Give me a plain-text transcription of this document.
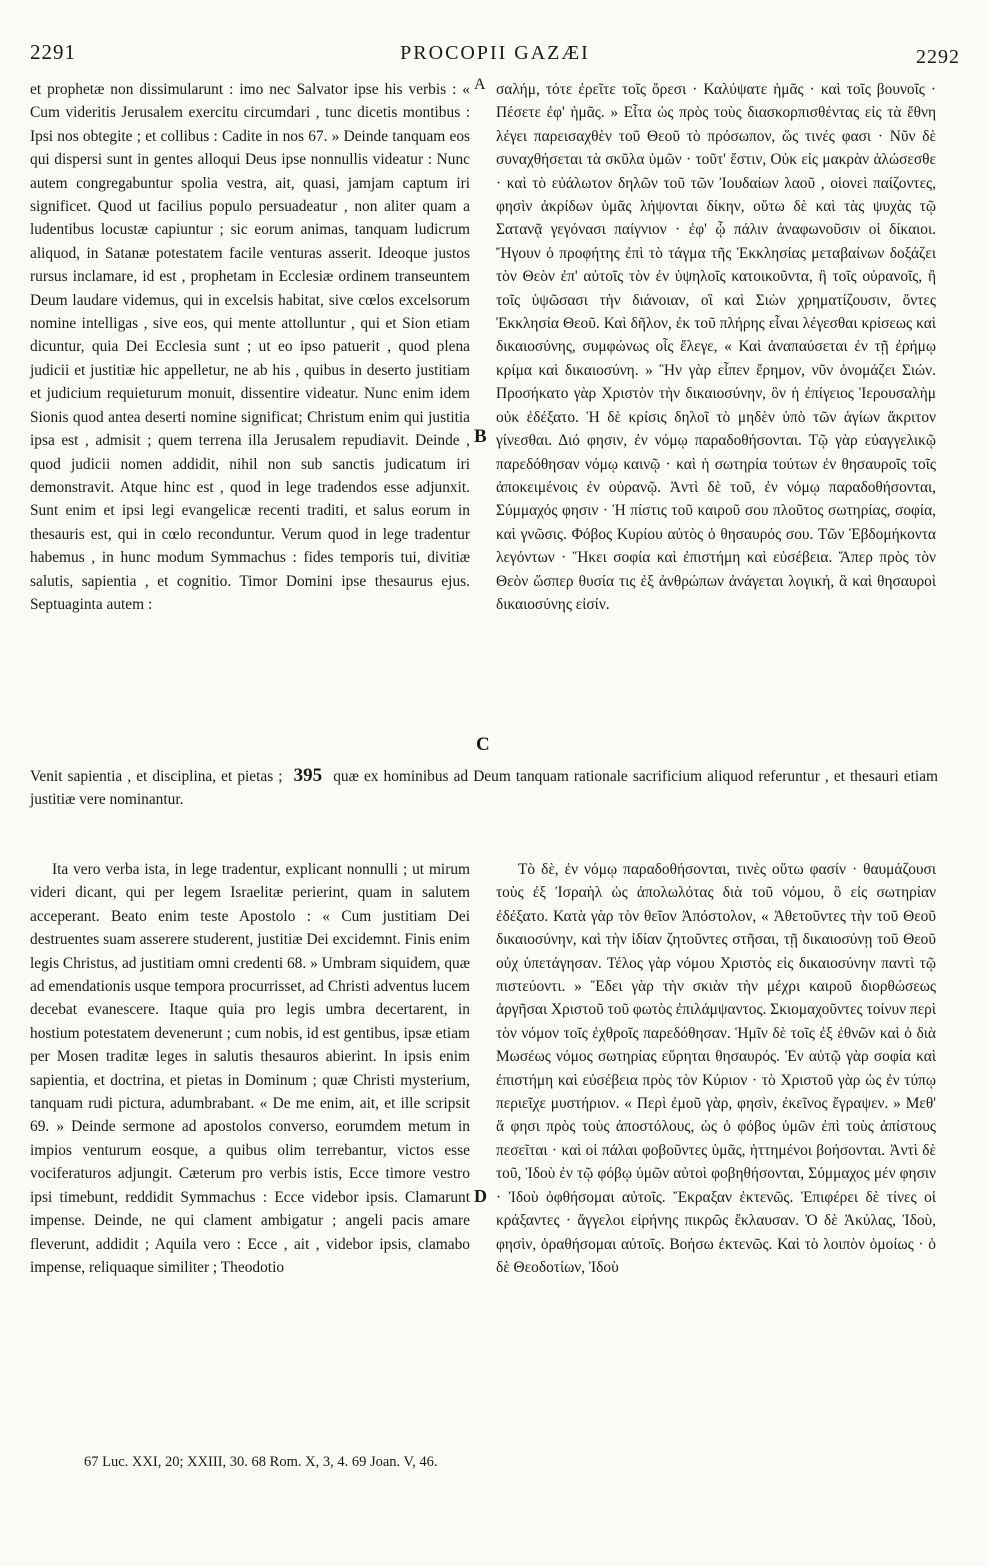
2291	PROCOPII GAZÆI	2292
A
B
C
D

et prophetæ non dissimularunt : imo nec Salvator ipse his verbis : « Cum videritis Jerusalem exercitu circumdari , tunc dicetis montibus : Ipsi nos obtegite ; et collibus : Cadite in nos 67. » Deinde tanquam eos qui dispersi sunt in gentes alloqui Deus ipse nonnullis videatur : Nunc autem congregabuntur spolia vestra, ait, quasi, jamjam captum iri significet. Quod ut facilius populo persuadeatur , non aliter quam a ludentibus locustæ capiuntur ; sic eorum animas, tanquam ludicrum aliquod, in Satanæ potestatem facile venturas asserit. Ideoque justos rursus inclamare, id est , prophetam in Ecclesiæ ordinem transeuntem Deum laudare videmus, qui in excelsis habitat, sive cœlos excelsorum nomine intelligas , sive eos, qui mente attolluntur , qui et Sion etiam dicuntur, quia Dei Ecclesia sunt ; ut eo ipso patuerit , quod plena judicii et justitiæ hic appelletur, ne ab his , quibus in deserto justitiam et judicium requieturum monuit, dissentire videatur. Nunc enim idem Sionis quod antea deserti nomine significat; Christum enim qui justitia ipsa est , admisit ; quem terrena illa Jerusalem repudiavit. Deinde , quod judicii nomen addidit, nihil non sub sanctis judicatum iri demonstravit. Atque hinc est , quod in lege tradendos esse adjunxit. Sunt enim et ipsi legi evangelicæ recenti traditi, et salus eorum in thesauris est, qui in cœlo reconduntur. Verum quod in lege tradentur habemus , in hunc modum Symmachus : fides temporis tui, divitiæ salutis, sapientia , et cognitio. Timor Domini ipse thesaurus ejus. Septuaginta autem :

σαλήμ, τότε ἐρεῖτε τοῖς ὄρεσι · Καλύψατε ἡμᾶς · καὶ τοῖς βουνοῖς · Πέσετε ἐφ' ἡμᾶς. » Εἶτα ὡς πρὸς τοὺς διασκορπισθέντας εἰς τὰ ἔθνη λέγει παρεισαχθὲν τοῦ Θεοῦ τὸ πρόσωπον, ὥς τινές φασι · Νῦν δὲ συναχθήσεται τὰ σκῦλα ὑμῶν · τοῦτ' ἔστιν, Οὐκ εἰς μακρὰν ἁλώσεσθε · καὶ τὸ εὐάλωτον δηλῶν τοῦ τῶν Ἰουδαίων λαοῦ , οἱονεὶ παίζοντες, φησὶν ἀκρίδων ὑμᾶς λήψονται δίκην, οὕτω δὲ καὶ τὰς ψυχὰς τῷ Σατανᾷ γεγόνασι παίγνιον · ἐφ' ᾧ πάλιν ἀναφωνοῦσιν οἱ δίκαιοι. Ἤγουν ὁ προφήτης ἐπὶ τὸ τάγμα τῆς Ἐκκλησίας μεταβαίνων δοξάζει τὸν Θεὸν ἐπ' αὐτοῖς τὸν ἐν ὑψηλοῖς κατοικοῦντα, ἢ τοῖς οὐρανοῖς, ἢ τοῖς ὑψῶσασι τὴν διάνοιαν, οἳ καὶ Σιὼν χρηματίζουσιν, ὄντες Ἐκκλησία Θεοῦ. Καὶ δῆλον, ἐκ τοῦ πλήρης εἶναι λέγεσθαι κρίσεως καὶ δικαιοσύνης, συμφώνως οἷς ἔλεγε, « Καὶ ἀναπαύσεται ἐν τῇ ἐρήμῳ κρίμα καὶ δικαιοσύνη. » Ἣν γὰρ εἶπεν ἔρημον, νῦν ὀνομάζει Σιών. Προσήκατο γὰρ Χριστὸν τὴν δικαιοσύνην, ὃν ἡ ἐπίγειος Ἱερουσαλὴμ οὐκ ἐδέξατο. Ἡ δὲ κρίσις δηλοῖ τὸ μηδὲν ὑπὸ τῶν ἁγίων ἄκριτον γίνεσθαι. Διό φησιν, ἐν νόμῳ παραδοθήσονται. Τῷ γὰρ εὐαγγελικῷ παρεδόθησαν νόμῳ καινῷ · καὶ ἡ σωτηρία τούτων ἐν θησαυροῖς τοῖς ἀποκειμένοις ἐν οὐρανῷ. Ἀντὶ δὲ τοῦ, ἐν νόμῳ παραδοθήσονται, Σύμμαχός φησιν · Ἡ πίστις τοῦ καιροῦ σου πλοῦτος σωτηρίας, σοφία, καὶ γνῶσις. Φόβος Κυρίου αὐτὸς ὁ θησαυρός σου. Τῶν Ἑβδομήκοντα λεγόντων · Ἥκει σοφία καὶ ἐπιστήμη καὶ εὐσέβεια. Ἅπερ πρὸς τὸν Θεὸν ὥσπερ θυσία τις ἐξ ἀνθρώπων ἀνάγεται λογική, ἃ καὶ θησαυροὶ δικαιοσύνης εἰσίν.

Venit sapientia , et disciplina, et pietas ; 395 quæ ex hominibus ad Deum tanquam rationale sacrificium aliquod referuntur , et thesauri etiam justitiæ vere nominantur.

Ita vero verba ista, in lege tradentur, explicant nonnulli ; ut mirum videri dicant, qui per legem Israelitæ perierint, quam in salutem acceperant. Beato enim teste Apostolo : « Cum justitiam Dei destruentes suam asserere studerent, justitiæ Dei excidemnt. Finis enim legis Christus, ad justitiam omni credenti 68. » Umbram siquidem, quæ ad emendationis usque tempora procurrisset, ad Christi adventus lucem decebat evanescere. Itaque quia pro legis umbra decertarent, in hostium potestatem devenerunt ; cum nobis, id est gentibus, ipsæ etiam per Mosen traditæ leges in salutis thesauros abierint. In ipsis enim sapientia, et doctrina, et pietas in Dominum ; quæ Christi mysterium, tanquam rudi pictura, adumbrabant. « De me enim, ait, et ille scripsit 69. » Deinde sermone ad apostolos converso, eorumdem metum in impios venturum eosque, a quibus olim terrebantur, victos esse vociferaturos adjungit. Cæterum pro verbis istis, Ecce timore vestro ipsi timebunt, reddidit Symmachus : Ecce videbor ipsis. Clamarunt impense. Deinde, ne qui clament ambigatur ; angeli pacis amare fleverunt, addidit ; Aquila vero : Ecce , ait , videbor ipsis, clamabo impense, reliquaque similiter ; Theodotio

Τὸ δὲ, ἐν νόμῳ παραδοθήσονται, τινὲς οὕτω φασίν · θαυμάζουσι τοὺς ἐξ Ἰσραὴλ ὡς ἀπολωλότας διὰ τοῦ νόμου, ὃ εἰς σωτηρίαν ἐδέξατο. Κατὰ γὰρ τὸν θεῖον Ἀπόστολον, « Ἀθετοῦντες τὴν τοῦ Θεοῦ δικαιοσύνην, καὶ τὴν ἰδίαν ζητοῦντες στῆσαι, τῇ δικαιοσύνῃ τοῦ Θεοῦ οὐχ ὑπετάγησαν. Τέλος γὰρ νόμου Χριστὸς εἰς δικαιοσύνην παντὶ τῷ πιστεύοντι. » Ἔδει γὰρ τὴν σκιὰν τὴν μέχρι καιροῦ διορθώσεως ἀργῆσαι Χριστοῦ τοῦ φωτὸς ἐπιλάμψαντος. Σκιομαχοῦντες τοίνυν περὶ τὸν νόμον τοῖς ἐχθροῖς παρεδόθησαν. Ἡμῖν δὲ τοῖς ἐξ ἐθνῶν καὶ ὁ διὰ Μωσέως νόμος σωτηρίας εὕρηται θησαυρός. Ἐν αὐτῷ γὰρ σοφία καὶ ἐπιστήμη καὶ εὐσέβεια πρὸς τὸν Κύριον · τὸ Χριστοῦ γὰρ ὡς ἐν τύπῳ περιεῖχε μυστήριον. « Περὶ ἐμοῦ γὰρ, φησὶν, ἐκεῖνος ἔγραψεν. » Μεθ' ἅ φησι πρὸς τοὺς ἀποστόλους, ὡς ὁ φόβος ὑμῶν ἐπὶ τοὺς ἀπίστους πεσεῖται · καὶ οἱ πάλαι φοβοῦντες ὑμᾶς, ἡττημένοι βοήσονται. Ἀντὶ δὲ τοῦ, Ἰδοὺ ἐν τῷ φόβῳ ὑμῶν αὐτοὶ φοβηθήσονται, Σύμμαχος μέν φησιν · Ἰδοὺ ὀφθήσομαι αὐτοῖς. Ἔκραξαν ἐκτενῶς. Ἐπιφέρει δὲ τίνες οἱ κράξαντες · ἄγγελοι εἰρήνης πικρῶς ἔκλαυσαν. Ὁ δὲ Ἀκύλας, Ἰδοὺ, φησὶν, ὁραθήσομαι αὐτοῖς. Βοήσω ἐκτενῶς. Καὶ τὸ λοιπὸν ὁμοίως · ὁ δὲ Θεοδοτίων, Ἰδοὺ

67 Luc. XXI, 20; XXIII, 30. 68 Rom. X, 3, 4. 69 Joan. V, 46.
